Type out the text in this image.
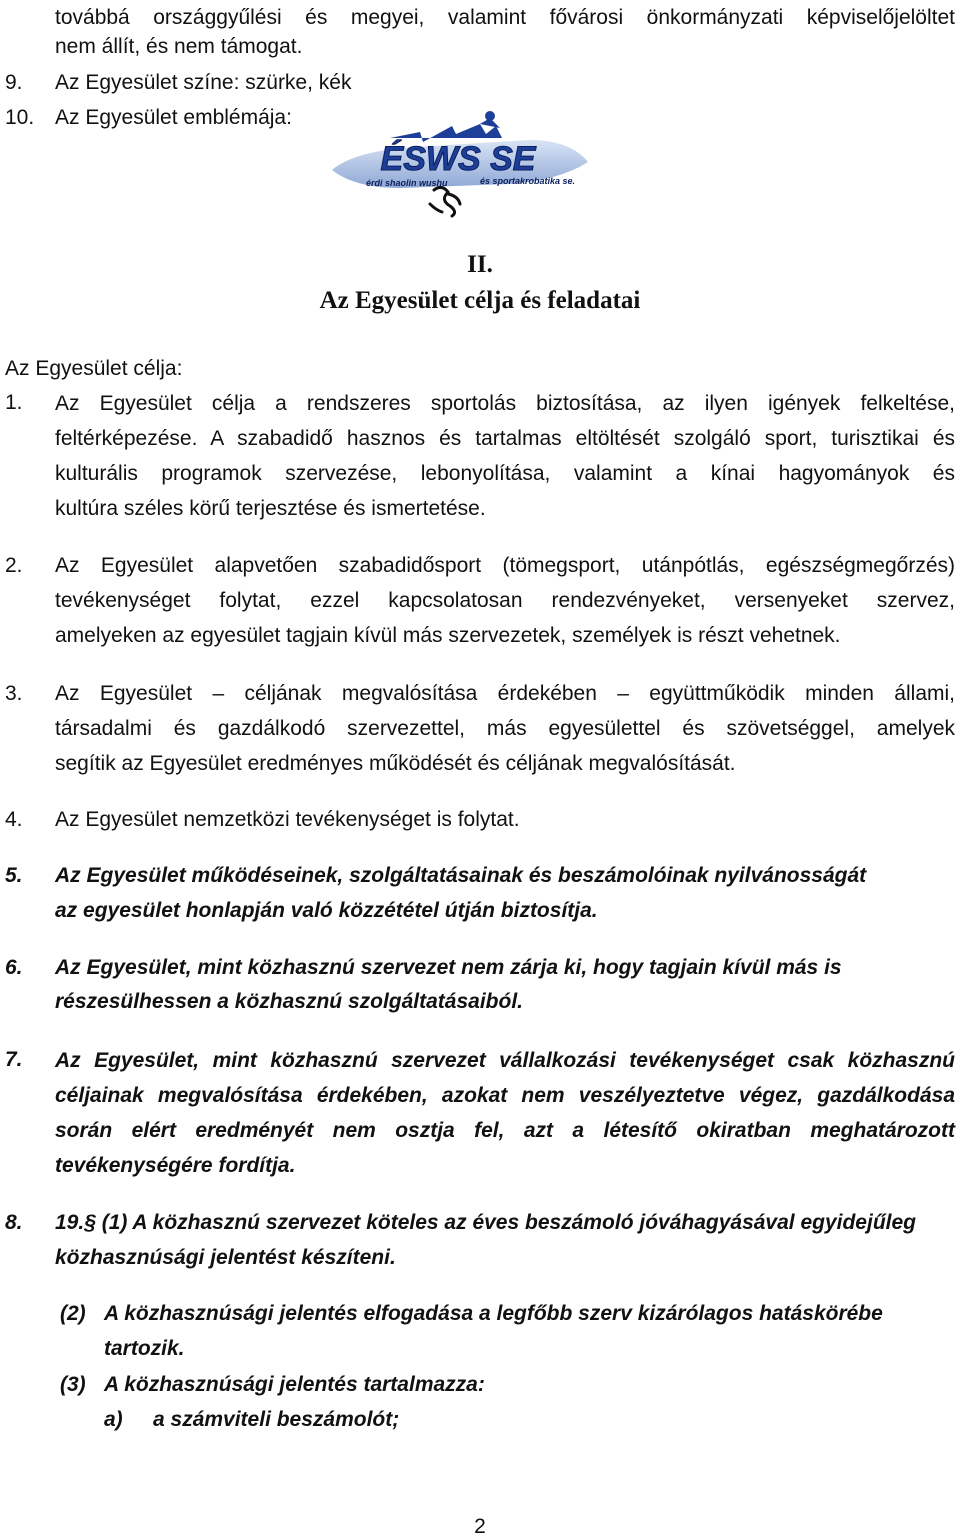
továbbá országgyűlési és megyei, valamint fővárosi önkormányzati képviselőjelöltet
nem állít, és nem támogat.
9. Az Egyesület színe: szürke, kék
10. Az Egyesület emblémája:
ÉSWS SE
érdi shaolin wushu	és sportakrobatika se.
II.
Az Egyesület célja és feladatai
Az Egyesület célja:
1. Az Egyesület célja a rendszeres sportolás biztosítása, az ilyen igények felkeltése,
feltérképezése. A szabadidő hasznos és tartalmas eltöltését szolgáló sport, turisztikai és
kulturális programok szervezése, lebonyolítása, valamint a kínai hagyományok és
kultúra széles körű terjesztése és ismertetése.
2. Az Egyesület alapvetően szabadidősport (tömegsport, utánpótlás, egészségmegőrzés)
tevékenységet folytat, ezzel kapcsolatosan rendezvényeket, versenyeket szervez,
amelyeken az egyesület tagjain kívül más szervezetek, személyek is részt vehetnek.
3. Az Egyesület – céljának megvalósítása érdekében – együttműködik minden állami,
társadalmi és gazdálkodó szervezettel, más egyesülettel és szövetséggel, amelyek
segítik az Egyesület eredményes működését és céljának megvalósítását.
4. Az Egyesület nemzetközi tevékenységet is folytat.
5. Az Egyesület működéseinek, szolgáltatásainak és beszámolóinak nyilvánosságát
az egyesület honlapján való közzététel útján biztosítja.
6. Az Egyesület, mint közhasznú szervezet nem zárja ki, hogy tagjain kívül más is
részesülhessen a közhasznú szolgáltatásaiból.
7. Az Egyesület, mint közhasznú szervezet vállalkozási tevékenységet csak közhasznú
céljainak megvalósítása érdekében, azokat nem veszélyeztetve végez, gazdálkodása
során elért eredményét nem osztja fel, azt a létesítő okiratban meghatározott
tevékenységére fordítja.
8. 19.§ (1) A közhasznú szervezet köteles az éves beszámoló jóváhagyásával egyidejűleg
közhasznúsági jelentést készíteni.
(2) A közhasznúsági jelentés elfogadása a legfőbb szerv kizárólagos hatáskörébe
tartozik.
(3) A közhasznúsági jelentés tartalmazza:
a) a számviteli beszámolót;
2
